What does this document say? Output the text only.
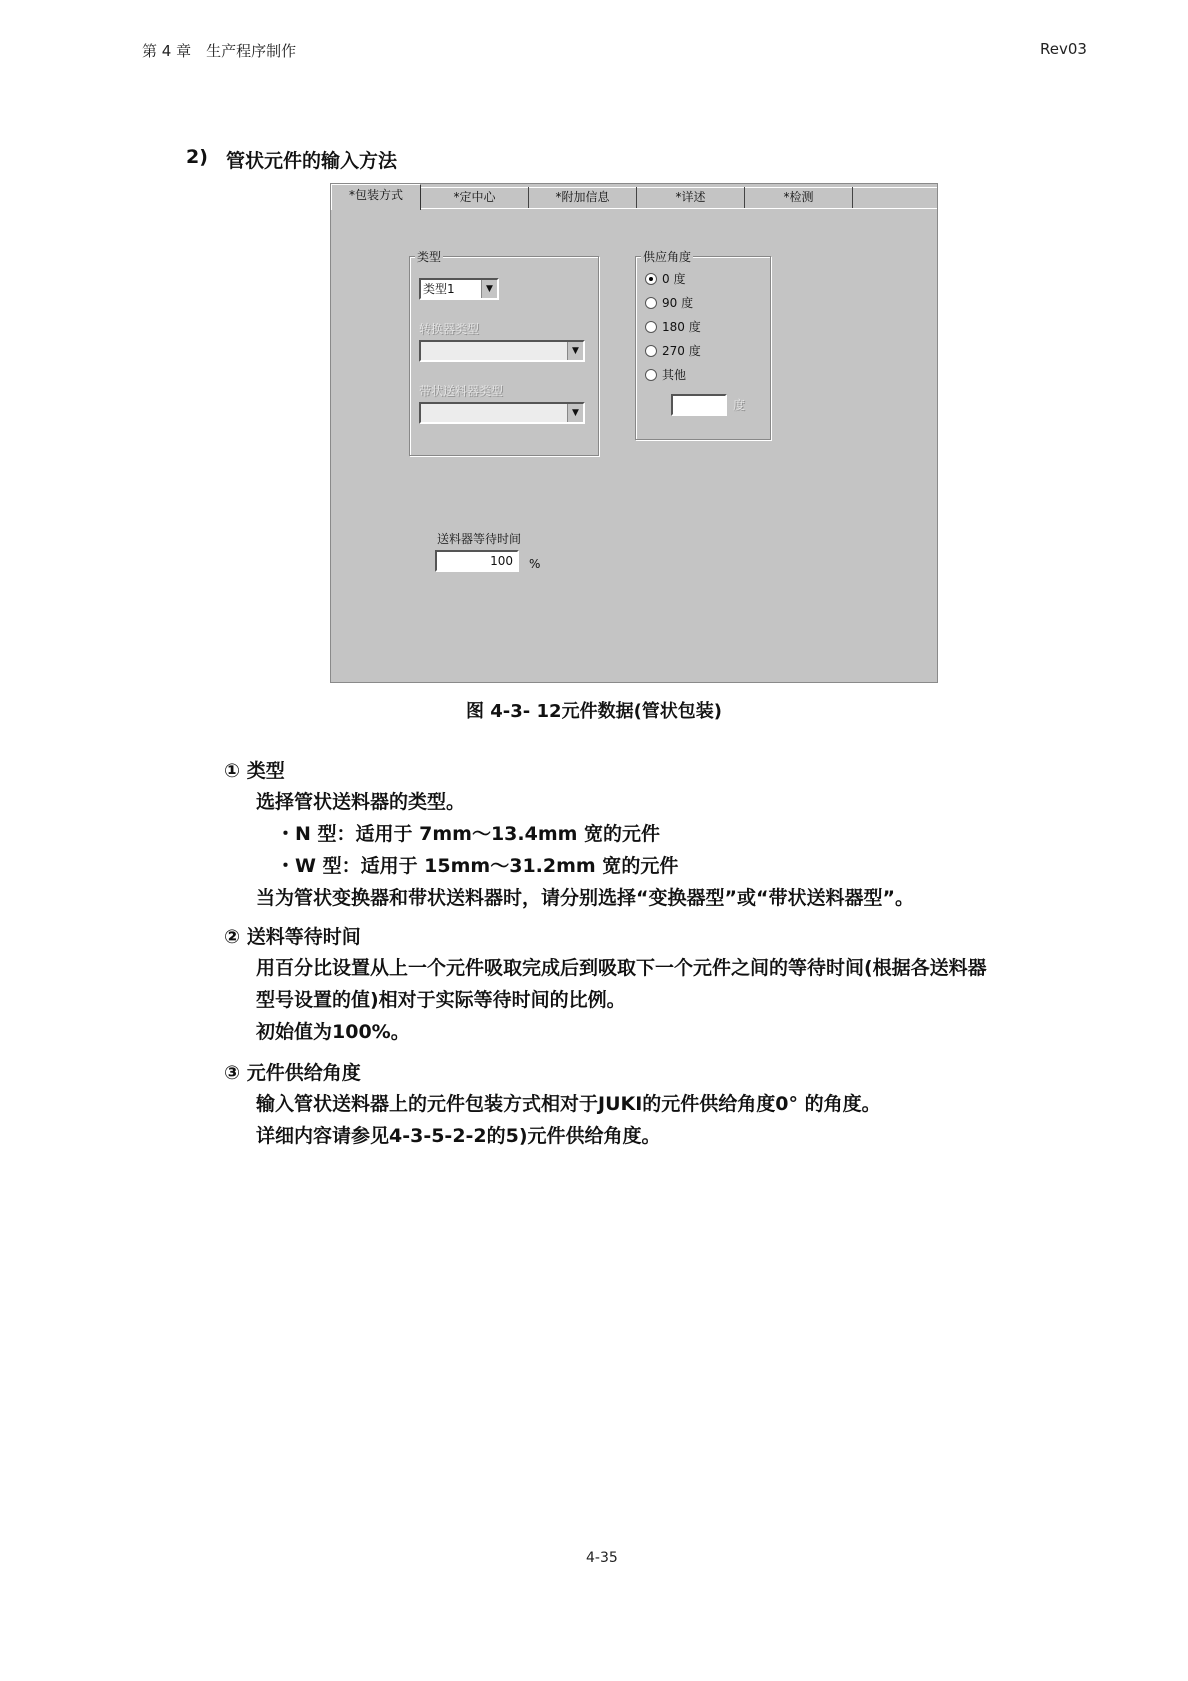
第 4 章　生产程序制作	Rev03
2) 管状元件的输入方法
*包装方式	*定中心	*附加信息	*详述	*检测
类型
类型1	▼
转换器类型
▼
带状送料器类型
▼
供应角度
0 度
90 度
180 度
270 度
其他
度
送料器等待时间
100	%
图 4-3- 12元件数据(管状包装)
① 类型
选择管状送料器的类型。
・N 型：适用于 7mm～13.4mm 宽的元件
・W 型：适用于 15mm～31.2mm 宽的元件
当为管状变换器和带状送料器时，请分别选择“变换器型”或“带状送料器型”。
② 送料等待时间
用百分比设置从上一个元件吸取完成后到吸取下一个元件之间的等待时间(根据各送料器
型号设置的值)相对于实际等待时间的比例。
初始值为100%。
③ 元件供给角度
输入管状送料器上的元件包装方式相对于JUKI的元件供给角度0° 的角度。
详细内容请参见4-3-5-2-2的5)元件供给角度。
4-35
